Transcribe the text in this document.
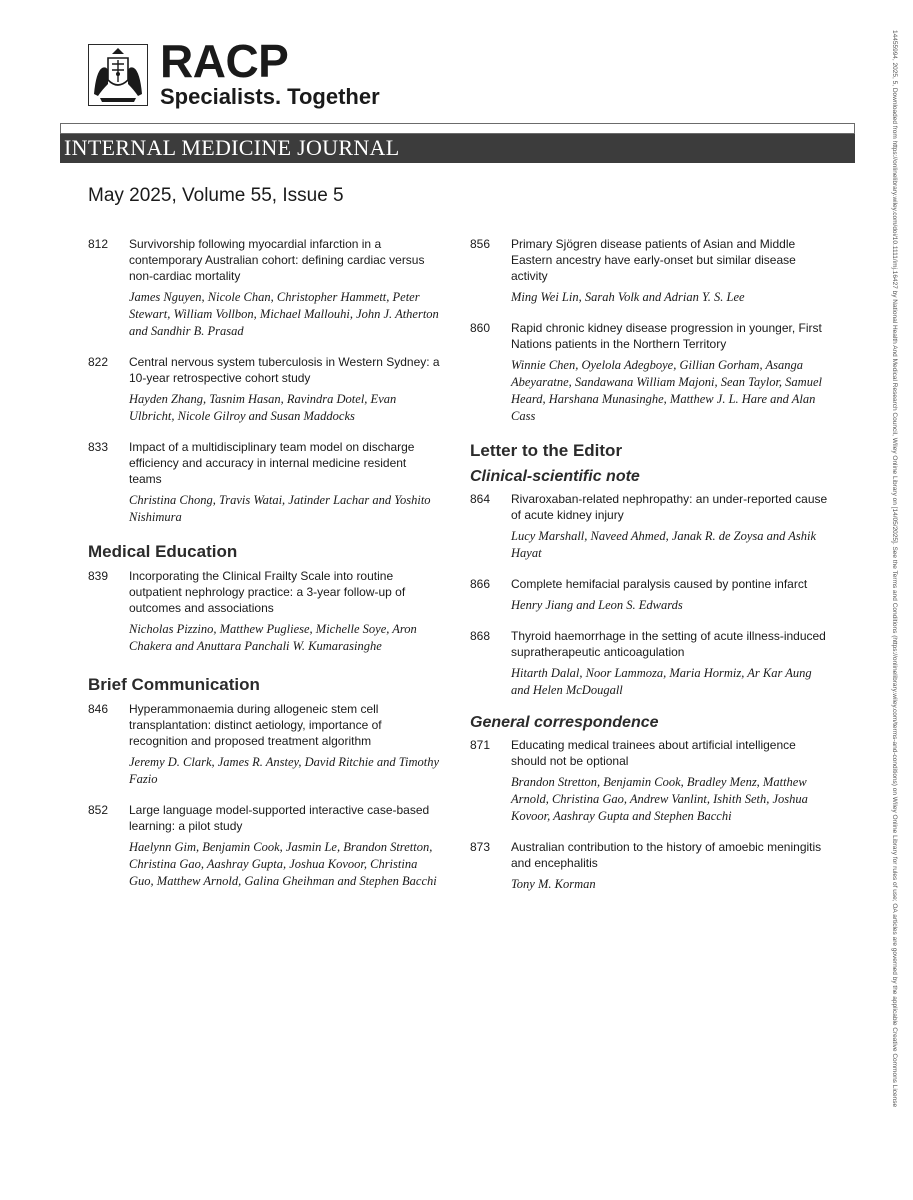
RACP
Specialists. Together
INTERNAL MEDICINE JOURNAL
May 2025, Volume 55, Issue 5
812	Survivorship following myocardial infarction in a contemporary Australian cohort: defining cardiac versus non-cardiac mortality
James Nguyen, Nicole Chan, Christopher Hammett, Peter Stewart, William Vollbon, Michael Mallouhi, John J. Atherton and Sandhir B. Prasad
822	Central nervous system tuberculosis in Western Sydney: a 10-year retrospective cohort study
Hayden Zhang, Tasnim Hasan, Ravindra Dotel, Evan Ulbricht, Nicole Gilroy and Susan Maddocks
833	Impact of a multidisciplinary team model on discharge efficiency and accuracy in internal medicine resident teams
Christina Chong, Travis Watai, Jatinder Lachar and Yoshito Nishimura
Medical Education
839	Incorporating the Clinical Frailty Scale into routine outpatient nephrology practice: a 3-year follow-up of outcomes and associations
Nicholas Pizzino, Matthew Pugliese, Michelle Soye, Aron Chakera and Anuttara Panchali W. Kumarasinghe
Brief Communication
846	Hyperammonaemia during allogeneic stem cell transplantation: distinct aetiology, importance of recognition and proposed treatment algorithm
Jeremy D. Clark, James R. Anstey, David Ritchie and Timothy Fazio
852	Large language model-supported interactive case-based learning: a pilot study
Haelynn Gim, Benjamin Cook, Jasmin Le, Brandon Stretton, Christina Gao, Aashray Gupta, Joshua Kovoor, Christina Guo, Matthew Arnold, Galina Gheihman and Stephen Bacchi
856	Primary Sjögren disease patients of Asian and Middle Eastern ancestry have early-onset but similar disease activity
Ming Wei Lin, Sarah Volk and Adrian Y. S. Lee
860	Rapid chronic kidney disease progression in younger, First Nations patients in the Northern Territory
Winnie Chen, Oyelola Adegboye, Gillian Gorham, Asanga Abeyaratne, Sandawana William Majoni, Sean Taylor, Samuel Heard, Harshana Munasinghe, Matthew J. L. Hare and Alan Cass
Letter to the Editor
Clinical-scientific note
864	Rivaroxaban-related nephropathy: an under-reported cause of acute kidney injury
Lucy Marshall, Naveed Ahmed, Janak R. de Zoysa and Ashik Hayat
866	Complete hemifacial paralysis caused by pontine infarct
Henry Jiang and Leon S. Edwards
868	Thyroid haemorrhage in the setting of acute illness-induced supratherapeutic anticoagulation
Hitarth Dalal, Noor Lammoza, Maria Hormiz, Ar Kar Aung and Helen McDougall
General correspondence
871	Educating medical trainees about artificial intelligence should not be optional
Brandon Stretton, Benjamin Cook, Bradley Menz, Matthew Arnold, Christina Gao, Andrew Vanlint, Ishith Seth, Joshua Kovoor, Aashray Gupta and Stephen Bacchi
873	Australian contribution to the history of amoebic meningitis and encephalitis
Tony M. Korman	14455994, 2025, 5, Downloaded from https://onlinelibrary.wiley.com/doi/10.1111/imj.16427 by National Health And Medical Research Council, Wiley Online Library on [14/05/2025]. See the Terms and Conditions (https://onlinelibrary.wiley.com/terms-and-conditions) on Wiley Online Library for rules of use; OA articles are governed by the applicable Creative Commons License
